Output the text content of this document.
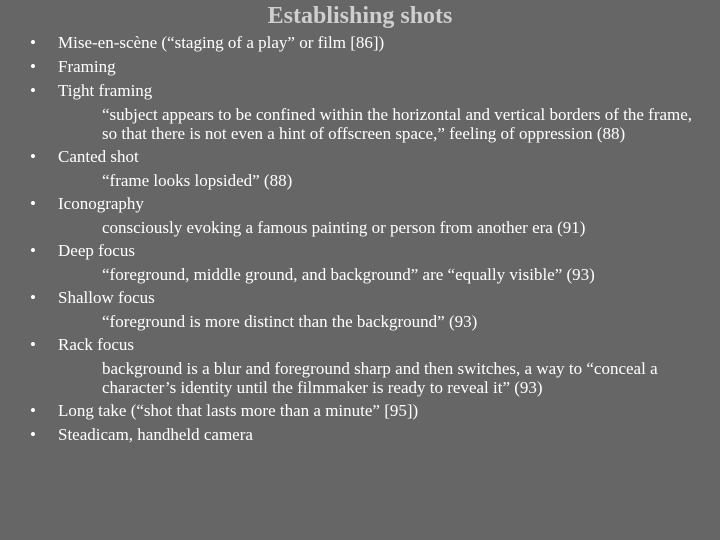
Establishing shots
•	Mise-en-scène (“staging of a play” or film [86])
•	Framing
•	Tight framing
“subject appears to be confined within the horizontal and vertical borders of the frame, so that there is not even a hint of offscreen space,” feeling of oppression (88)
•	Canted shot
“frame looks lopsided” (88)
•	Iconography
consciously evoking a famous painting or person from another era (91)
•	Deep focus
“foreground, middle ground, and background” are “equally visible” (93)
•	Shallow focus
“foreground is more distinct than the background” (93)
•	Rack focus
background is a blur and foreground sharp and then switches, a way to “conceal a character’s identity until the filmmaker is ready to reveal it” (93)
•	Long take (“shot that lasts more than a minute” [95])
•	Steadicam, handheld camera
